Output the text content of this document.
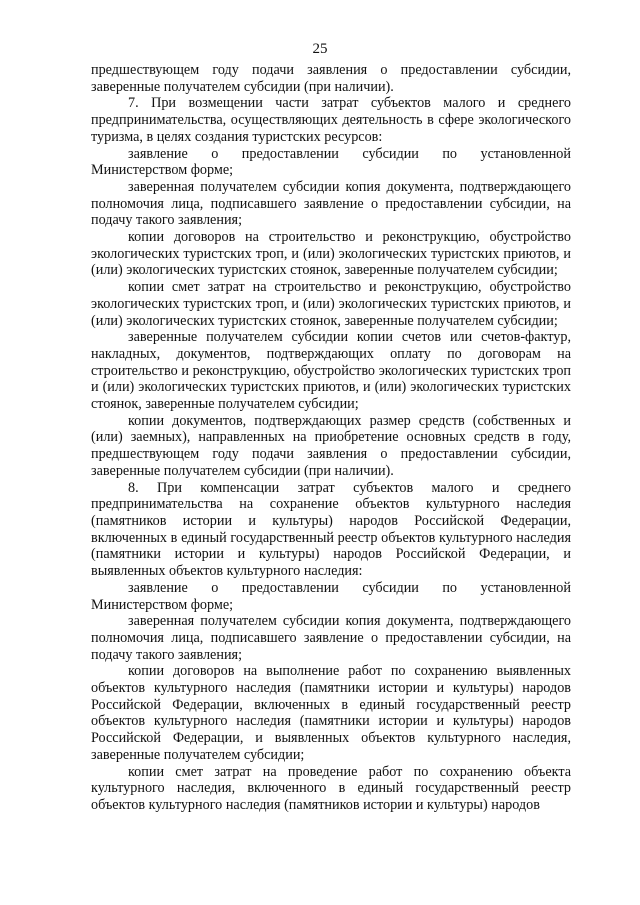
25

предшествующем году подачи заявления о предоставлении субсидии, заверенные получателем субсидии (при наличии).

7. При возмещении части затрат субъектов малого и среднего предпринимательства, осуществляющих деятельность в сфере экологического туризма, в целях создания туристских ресурсов:

заявление о предоставлении субсидии по установленной Министерством форме;

заверенная получателем субсидии копия документа, подтверждающего полномочия лица, подписавшего заявление о предоставлении субсидии, на подачу такого заявления;

копии договоров на строительство и реконструкцию, обустройство экологических туристских троп, и (или) экологических туристских приютов, и (или) экологических туристских стоянок, заверенные получателем субсидии;

копии смет затрат на строительство и реконструкцию, обустройство экологических туристских троп, и (или) экологических туристских приютов, и (или) экологических туристских стоянок, заверенные получателем субсидии;

заверенные получателем субсидии копии счетов или счетов-фактур, накладных, документов, подтверждающих оплату по договорам на строительство и реконструкцию, обустройство экологических туристских троп и (или) экологических туристских приютов, и (или) экологических туристских стоянок, заверенные получателем субсидии;

копии документов, подтверждающих размер средств (собственных и (или) заемных), направленных на приобретение основных средств в году, предшествующем году подачи заявления о предоставлении субсидии, заверенные получателем субсидии (при наличии).

8. При компенсации затрат субъектов малого и среднего предпринимательства на сохранение объектов культурного наследия (памятников истории и культуры) народов Российской Федерации, включенных в единый государственный реестр объектов культурного наследия (памятники истории и культуры) народов Российской Федерации, и выявленных объектов культурного наследия:

заявление о предоставлении субсидии по установленной Министерством форме;

заверенная получателем субсидии копия документа, подтверждающего полномочия лица, подписавшего заявление о предоставлении субсидии, на подачу такого заявления;

копии договоров на выполнение работ по сохранению выявленных объектов культурного наследия (памятники истории и культуры) народов Российской Федерации, включенных в единый государственный реестр объектов культурного наследия (памятники истории и культуры) народов Российской Федерации, и выявленных объектов культурного наследия, заверенные получателем субсидии;

копии смет затрат на проведение работ по сохранению объекта культурного наследия, включенного в единый государственный реестр объектов культурного наследия (памятников истории и культуры) народов
